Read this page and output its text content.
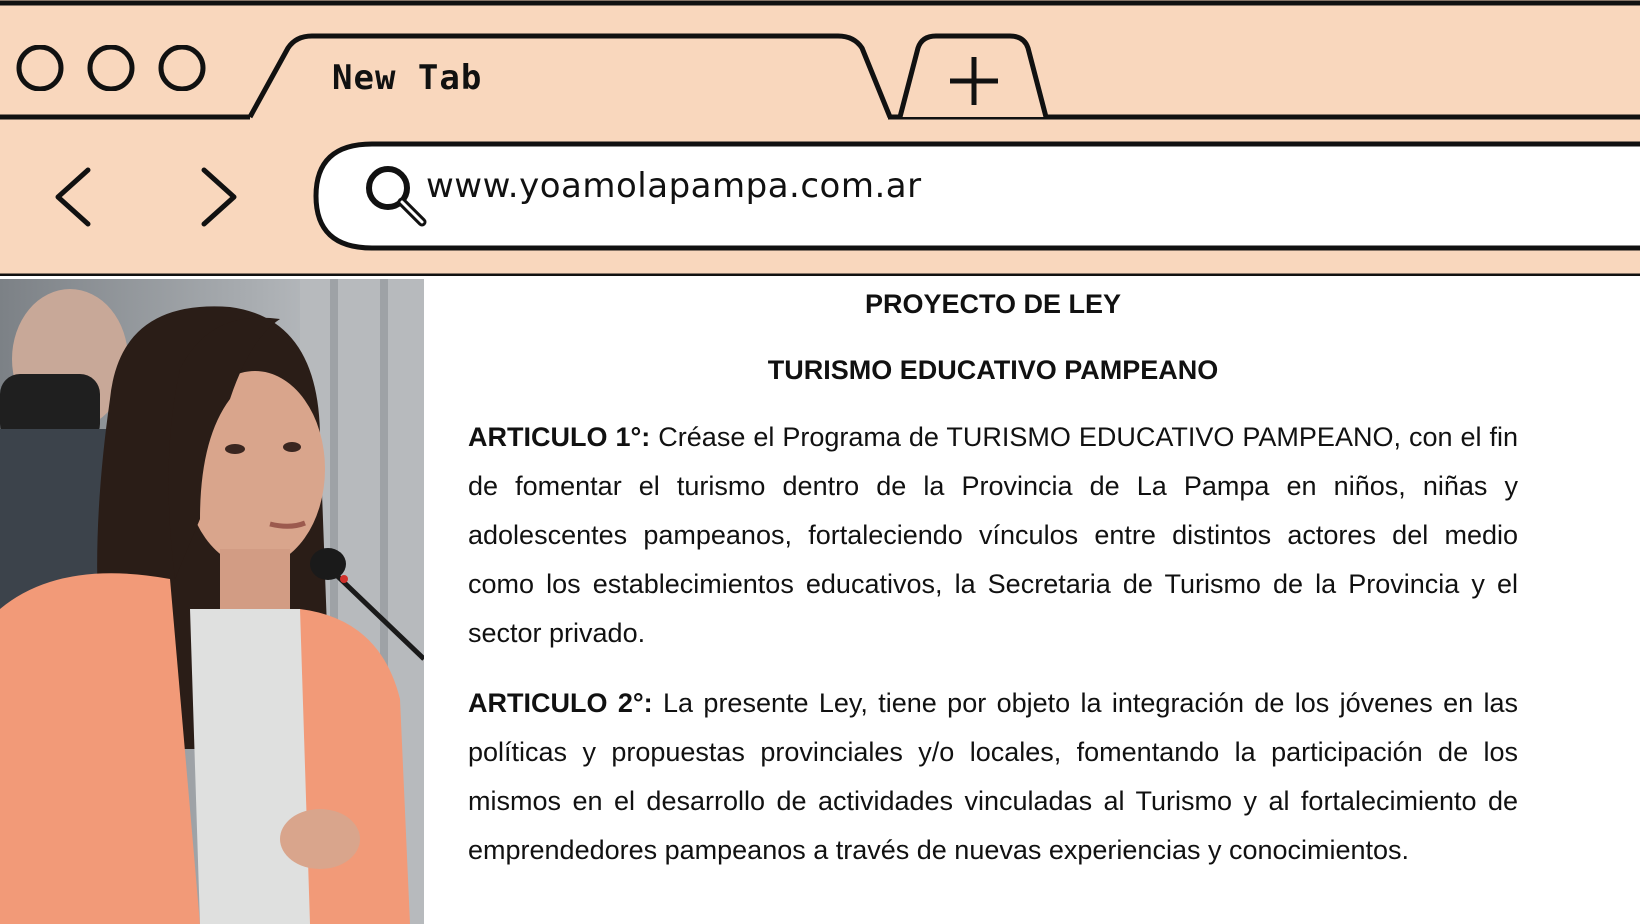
New Tab
www.yoamolapampa.com.ar
PROYECTO DE LEY
TURISMO EDUCATIVO PAMPEANO

ARTICULO 1°: Créase el Programa de TURISMO EDUCATIVO PAMPEANO, con el fin de fomentar el turismo dentro de la Provincia de La Pampa en niños, niñas y adolescentes pampeanos, fortaleciendo vínculos entre distintos actores del medio como los establecimientos educativos, la Secretaria de Turismo de la Provincia y el sector privado.

ARTICULO 2°: La presente Ley, tiene por objeto la integración de los jóvenes en las políticas y propuestas provinciales y/o locales, fomentando la participación de los mismos en el desarrollo de actividades vinculadas al Turismo y al fortalecimiento de emprendedores pampeanos a través de nuevas experiencias y conocimientos.
